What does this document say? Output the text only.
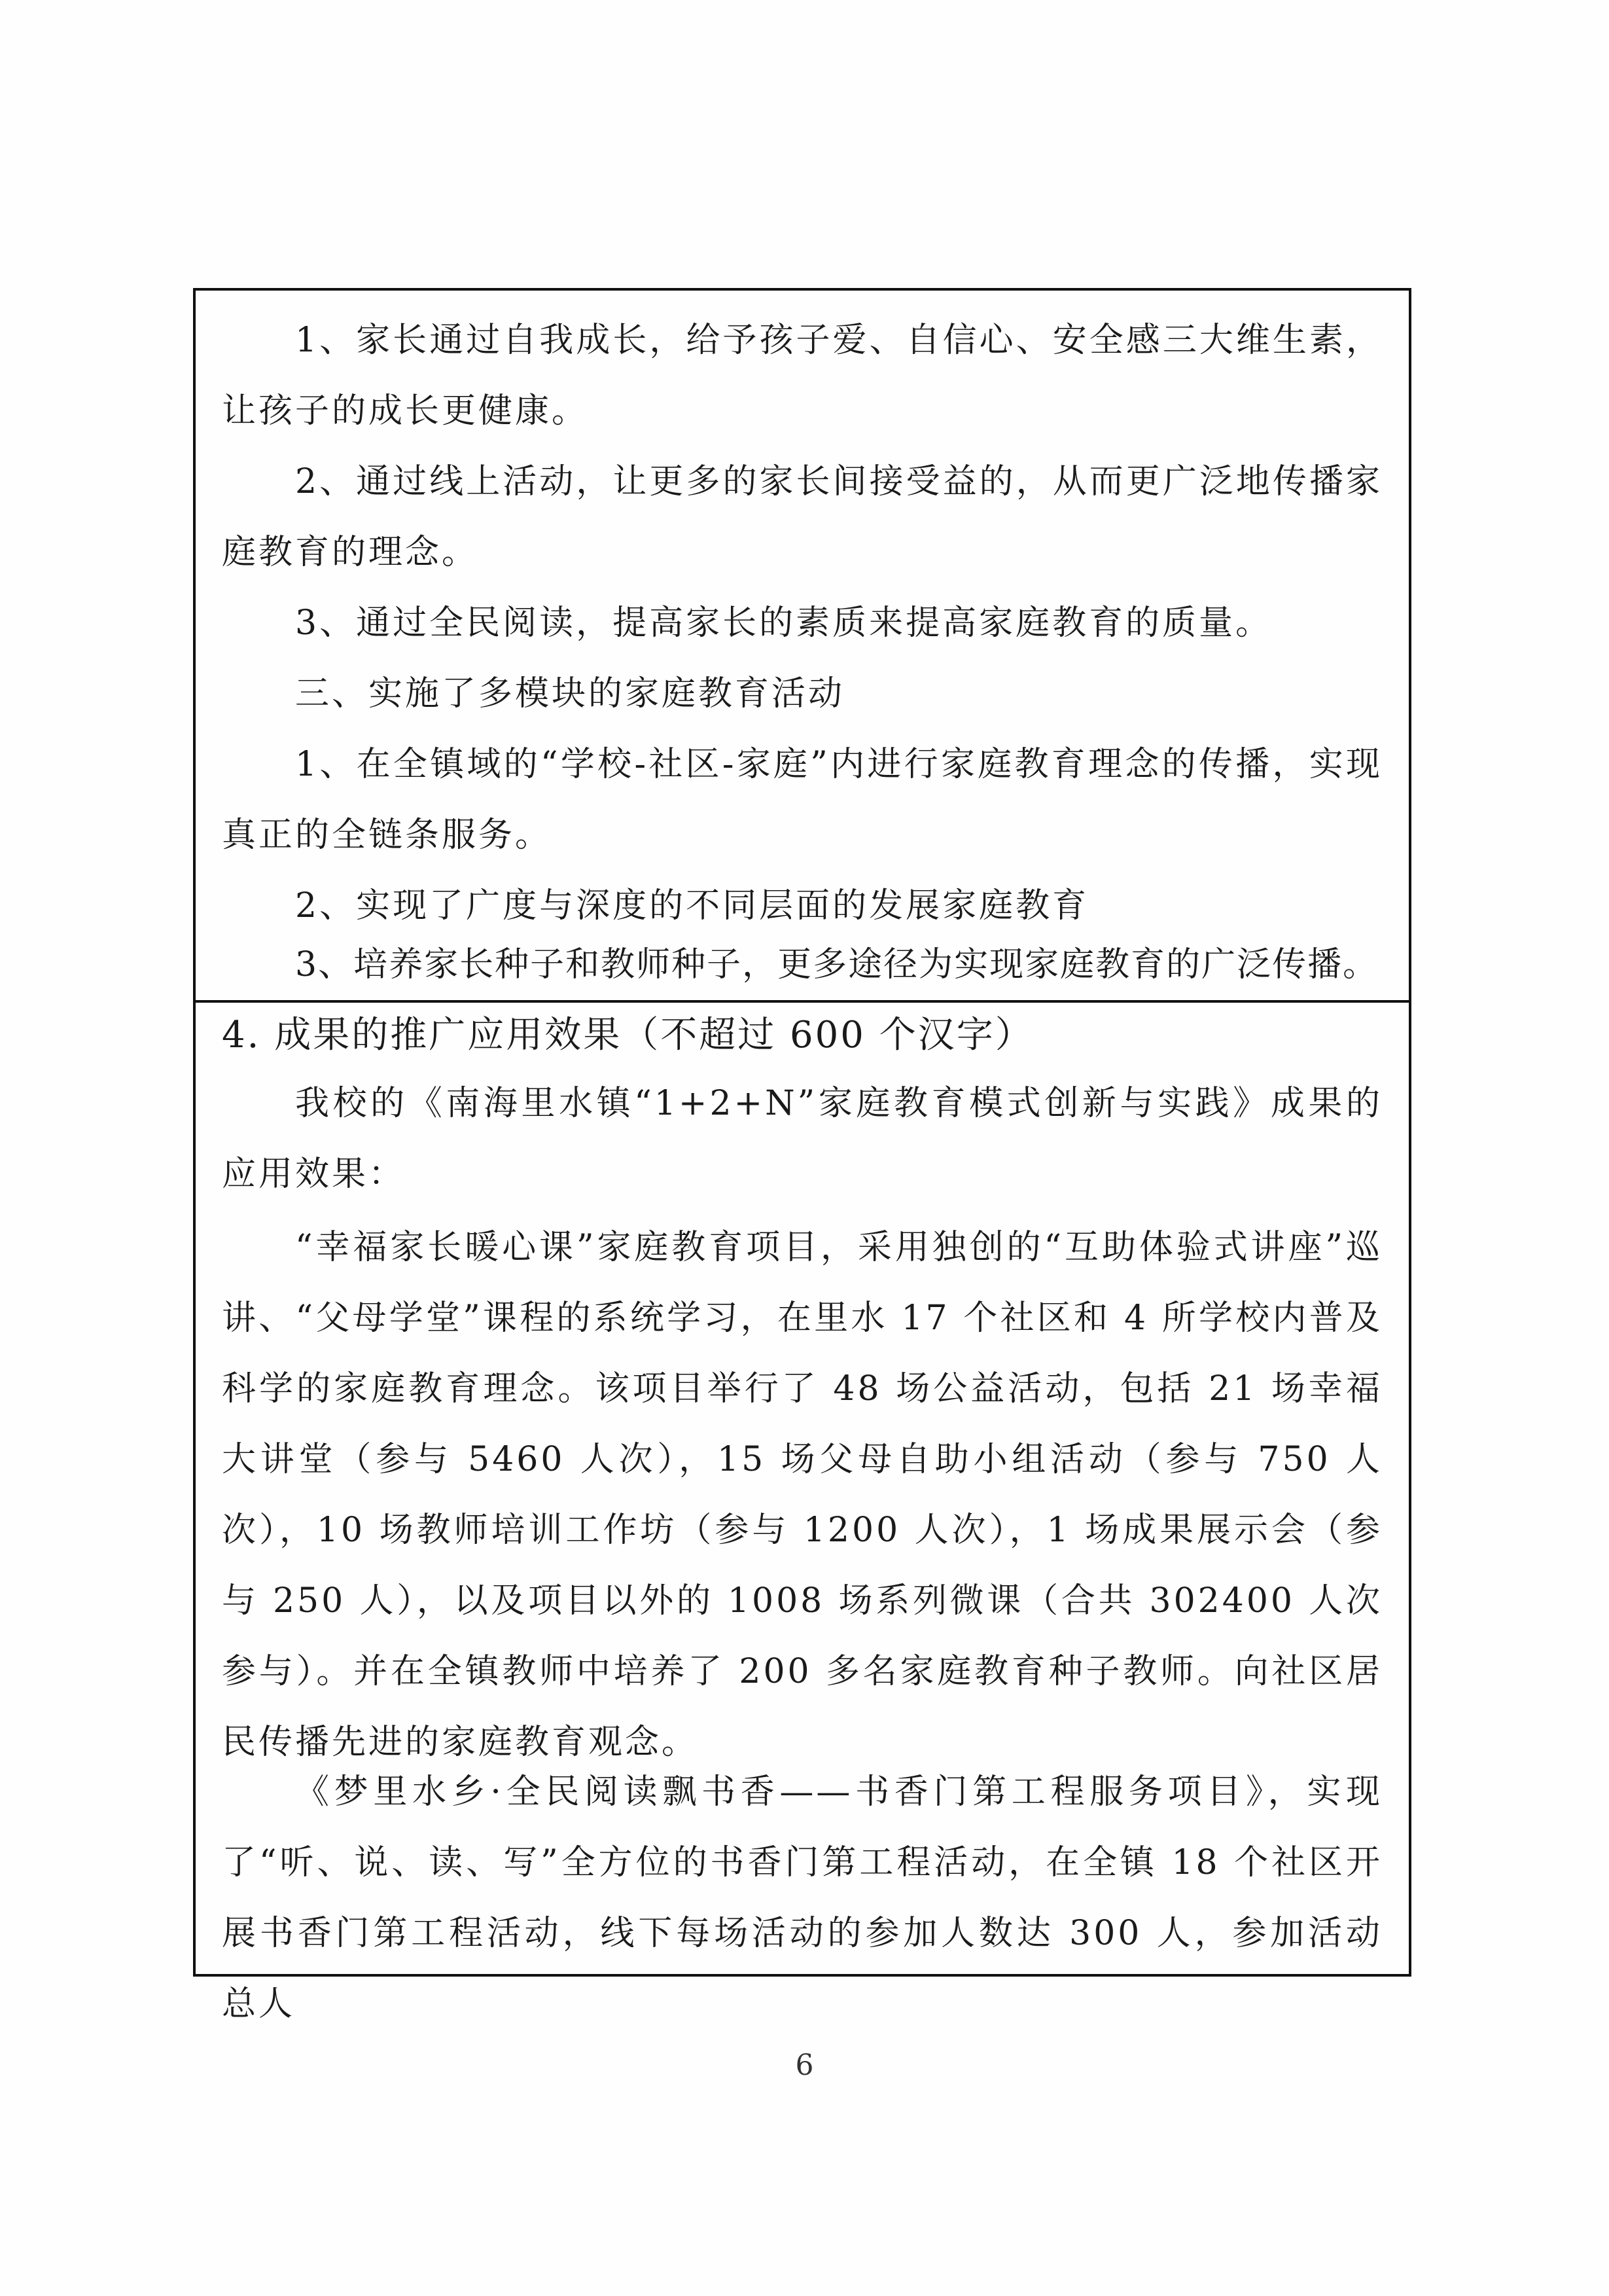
1、家长通过自我成长，给予孩子爱、自信心、安全感三大维生素，让孩子的成长更健康。

2、通过线上活动，让更多的家长间接受益的，从而更广泛地传播家庭教育的理念。

3、通过全民阅读，提高家长的素质来提高家庭教育的质量。

三、实施了多模块的家庭教育活动

1、在全镇域的“学校-社区-家庭”内进行家庭教育理念的传播，实现真正的全链条服务。

2、实现了广度与深度的不同层面的发展家庭教育

3、培养家长种子和教师种子，更多途径为实现家庭教育的广泛传播。

4. 成果的推广应用效果（不超过 600 个汉字）

我校的《南海里水镇“1+2+N”家庭教育模式创新与实践》成果的应用效果：

“幸福家长暖心课”家庭教育项目，采用独创的“互助体验式讲座”巡讲、“父母学堂”课程的系统学习，在里水 17 个社区和 4 所学校内普及科学的家庭教育理念。该项目举行了 48 场公益活动，包括 21 场幸福大讲堂（参与 5460 人次），15 场父母自助小组活动（参与 750 人次），10 场教师培训工作坊（参与 1200 人次），1 场成果展示会（参与 250 人），以及项目以外的 1008 场系列微课（合共 302400 人次参与）。并在全镇教师中培养了 200 多名家庭教育种子教师。向社区居民传播先进的家庭教育观念。

《梦里水乡·全民阅读飘书香——书香门第工程服务项目》，实现了“听、说、读、写”全方位的书香门第工程活动，在全镇 18 个社区开展书香门第工程活动，线下每场活动的参加人数达 300 人，参加活动总人

6
